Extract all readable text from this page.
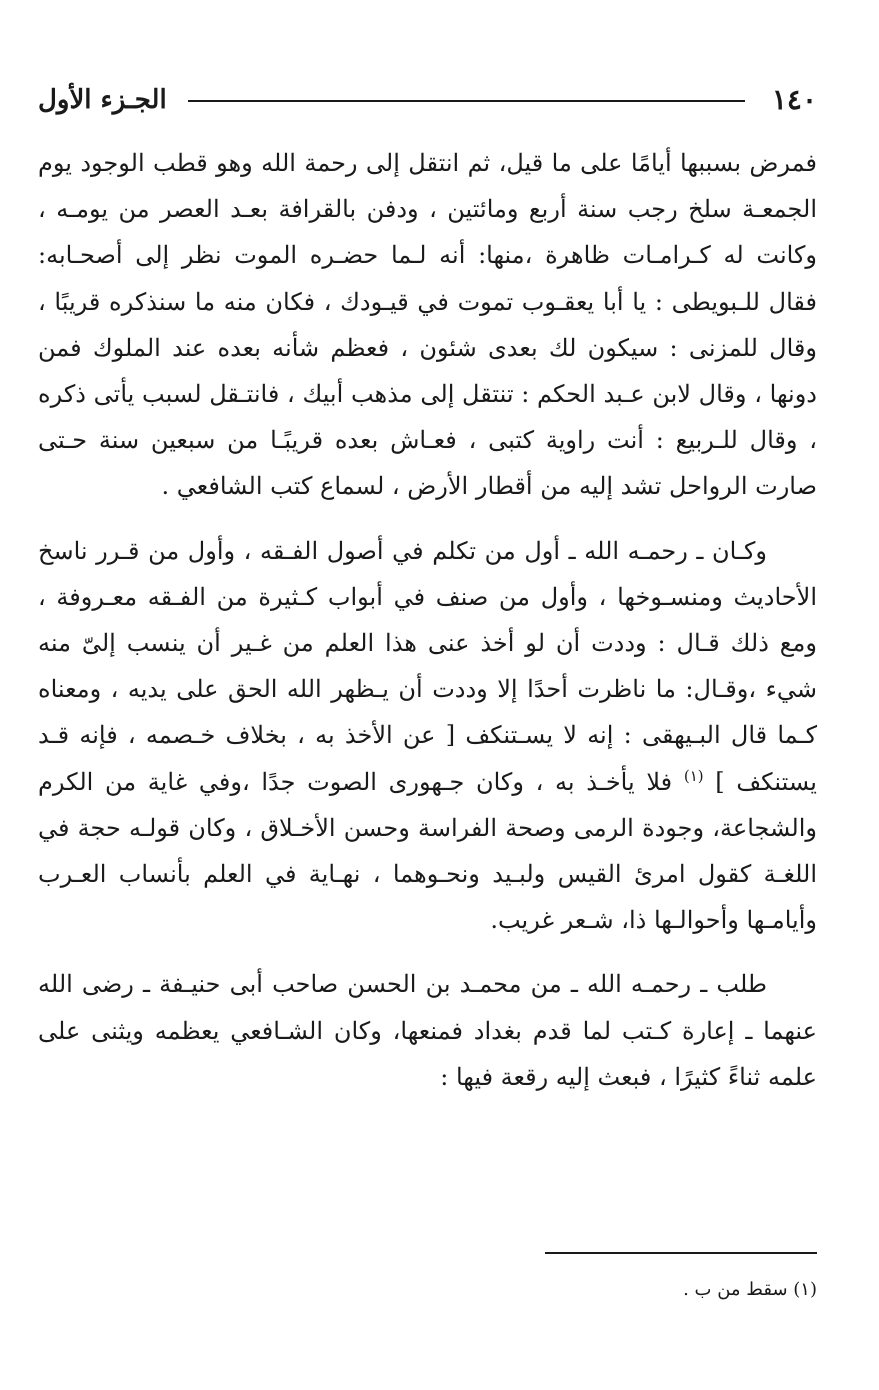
١٤٠
الجـزء الأول

فمرض بسببها أيامًا على ما قيل، ثم انتقل إلى رحمة الله وهو قطب الوجود يوم الجمعـة سلخ رجب سنة أربع ومائتين ، ودفن بالقرافة بعـد العصر من يومـه ، وكانت له كـرامـات ظاهرة ،منها: أنه لـما حضـره الموت نظر إلى أصحـابه: فقال للـبويطى : يا أبا يعقـوب تموت في قيـودك ، فكان منه ما سنذكره قريبًا ، وقال للمزنى : سيكون لك بعدى شئون ، فعظم شأنه بعده عند الملوك فمن دونها ، وقال لابن عـبد الحكم : تنتقل إلى مذهب أبيك ، فانتـقل لسبب يأتى ذكره ، وقال للـربيع : أنت راوية كتبى ، فعـاش بعده قريبًـا من سبعين سنة حـتى صارت الرواحل تشد إليه من أقطار الأرض ، لسماع كتب الشافعي .

وكـان ـ رحمـه الله ـ أول من تكلم في أصول الفـقه ، وأول من قـرر ناسخ الأحاديث ومنسـوخها ، وأول من صنف في أبواب كـثيرة من الفـقه معـروفة ، ومع ذلك قـال : وددت أن لو أخذ عنى هذا العلم من غـير أن ينسب إلىّ منه شيء ،وقـال: ما ناظرت أحدًا إلا وددت أن يـظهر الله الحق على يديه ، ومعناه كـما قال البـيهقى : إنه لا يسـتنكف [ عن الأخذ به ، بخلاف خـصمه ، فإنه قـد يستنكف ] $^{(١)}$ فلا يأخـذ به ، وكان جـهورى الصوت جدًا ،وفي غاية من الكرم والشجاعة، وجودة الرمى وصحة الفراسة وحسن الأخـلاق ، وكان قولـه حجة في اللغـة كقول امرئ القيس ولبـيد ونحـوهما ، نهـاية في العلم بأنساب العـرب وأيامـها وأحوالـها ذا، شـعر غريب.

طلب ـ رحمـه الله ـ من محمـد بن الحسن صاحب أبى حنيـفة ـ رضى الله عنهما ـ إعارة كـتب لما قدم بغداد فمنعها، وكان الشـافعي يعظمه ويثنى على علمه ثناءً كثيرًا ، فبعث إليه رقعة فيها :

(١) سقط من ب .
